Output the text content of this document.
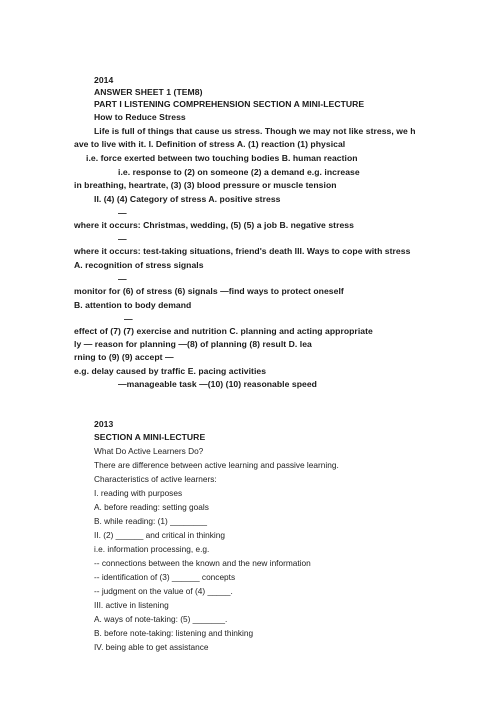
2014
ANSWER SHEET 1 (TEM8)
PART I LISTENING COMPREHENSION SECTION A MINI-LECTURE
How to Reduce Stress
Life is full of things that cause us stress. Though we may not like stress, we h
ave to live with it. I. Definition of stress A. (1) reaction (1) physical
i.e. force exerted between two touching bodies B. human reaction
i.e. response to (2) on someone (2) a demand e.g. increase
in breathing, heartrate, (3) (3) blood pressure or muscle tension
II. (4) (4) Category of stress A. positive stress
—
where it occurs: Christmas, wedding, (5) (5) a job B. negative stress
—
where it occurs: test-taking situations, friend's death III. Ways to cope with stress
A. recognition of stress signals
—
monitor for (6) of stress (6) signals —find ways to protect oneself
B. attention to body demand
—
effect of (7) (7) exercise and nutrition C. planning and acting appropriate
ly — reason for planning —(8) of planning (8) result D. lea
rning to (9) (9) accept —
e.g. delay caused by traffic E. pacing activities
—manageable task —(10) (10) reasonable speed
2013
SECTION A MINI-LECTURE
What Do Active Learners Do?
There are difference between active learning and passive learning.
Characteristics of active learners:
I. reading with purposes
A. before reading: setting goals
B. while reading: (1) ________
II. (2) ______ and critical in thinking
i.e. information processing, e.g.
-- connections between the known and the new information
-- identification of (3) ______ concepts
-- judgment on the value of (4) _____.
III. active in listening
A. ways of note-taking: (5) _______.
B. before note-taking: listening and thinking
IV. being able to get assistance
